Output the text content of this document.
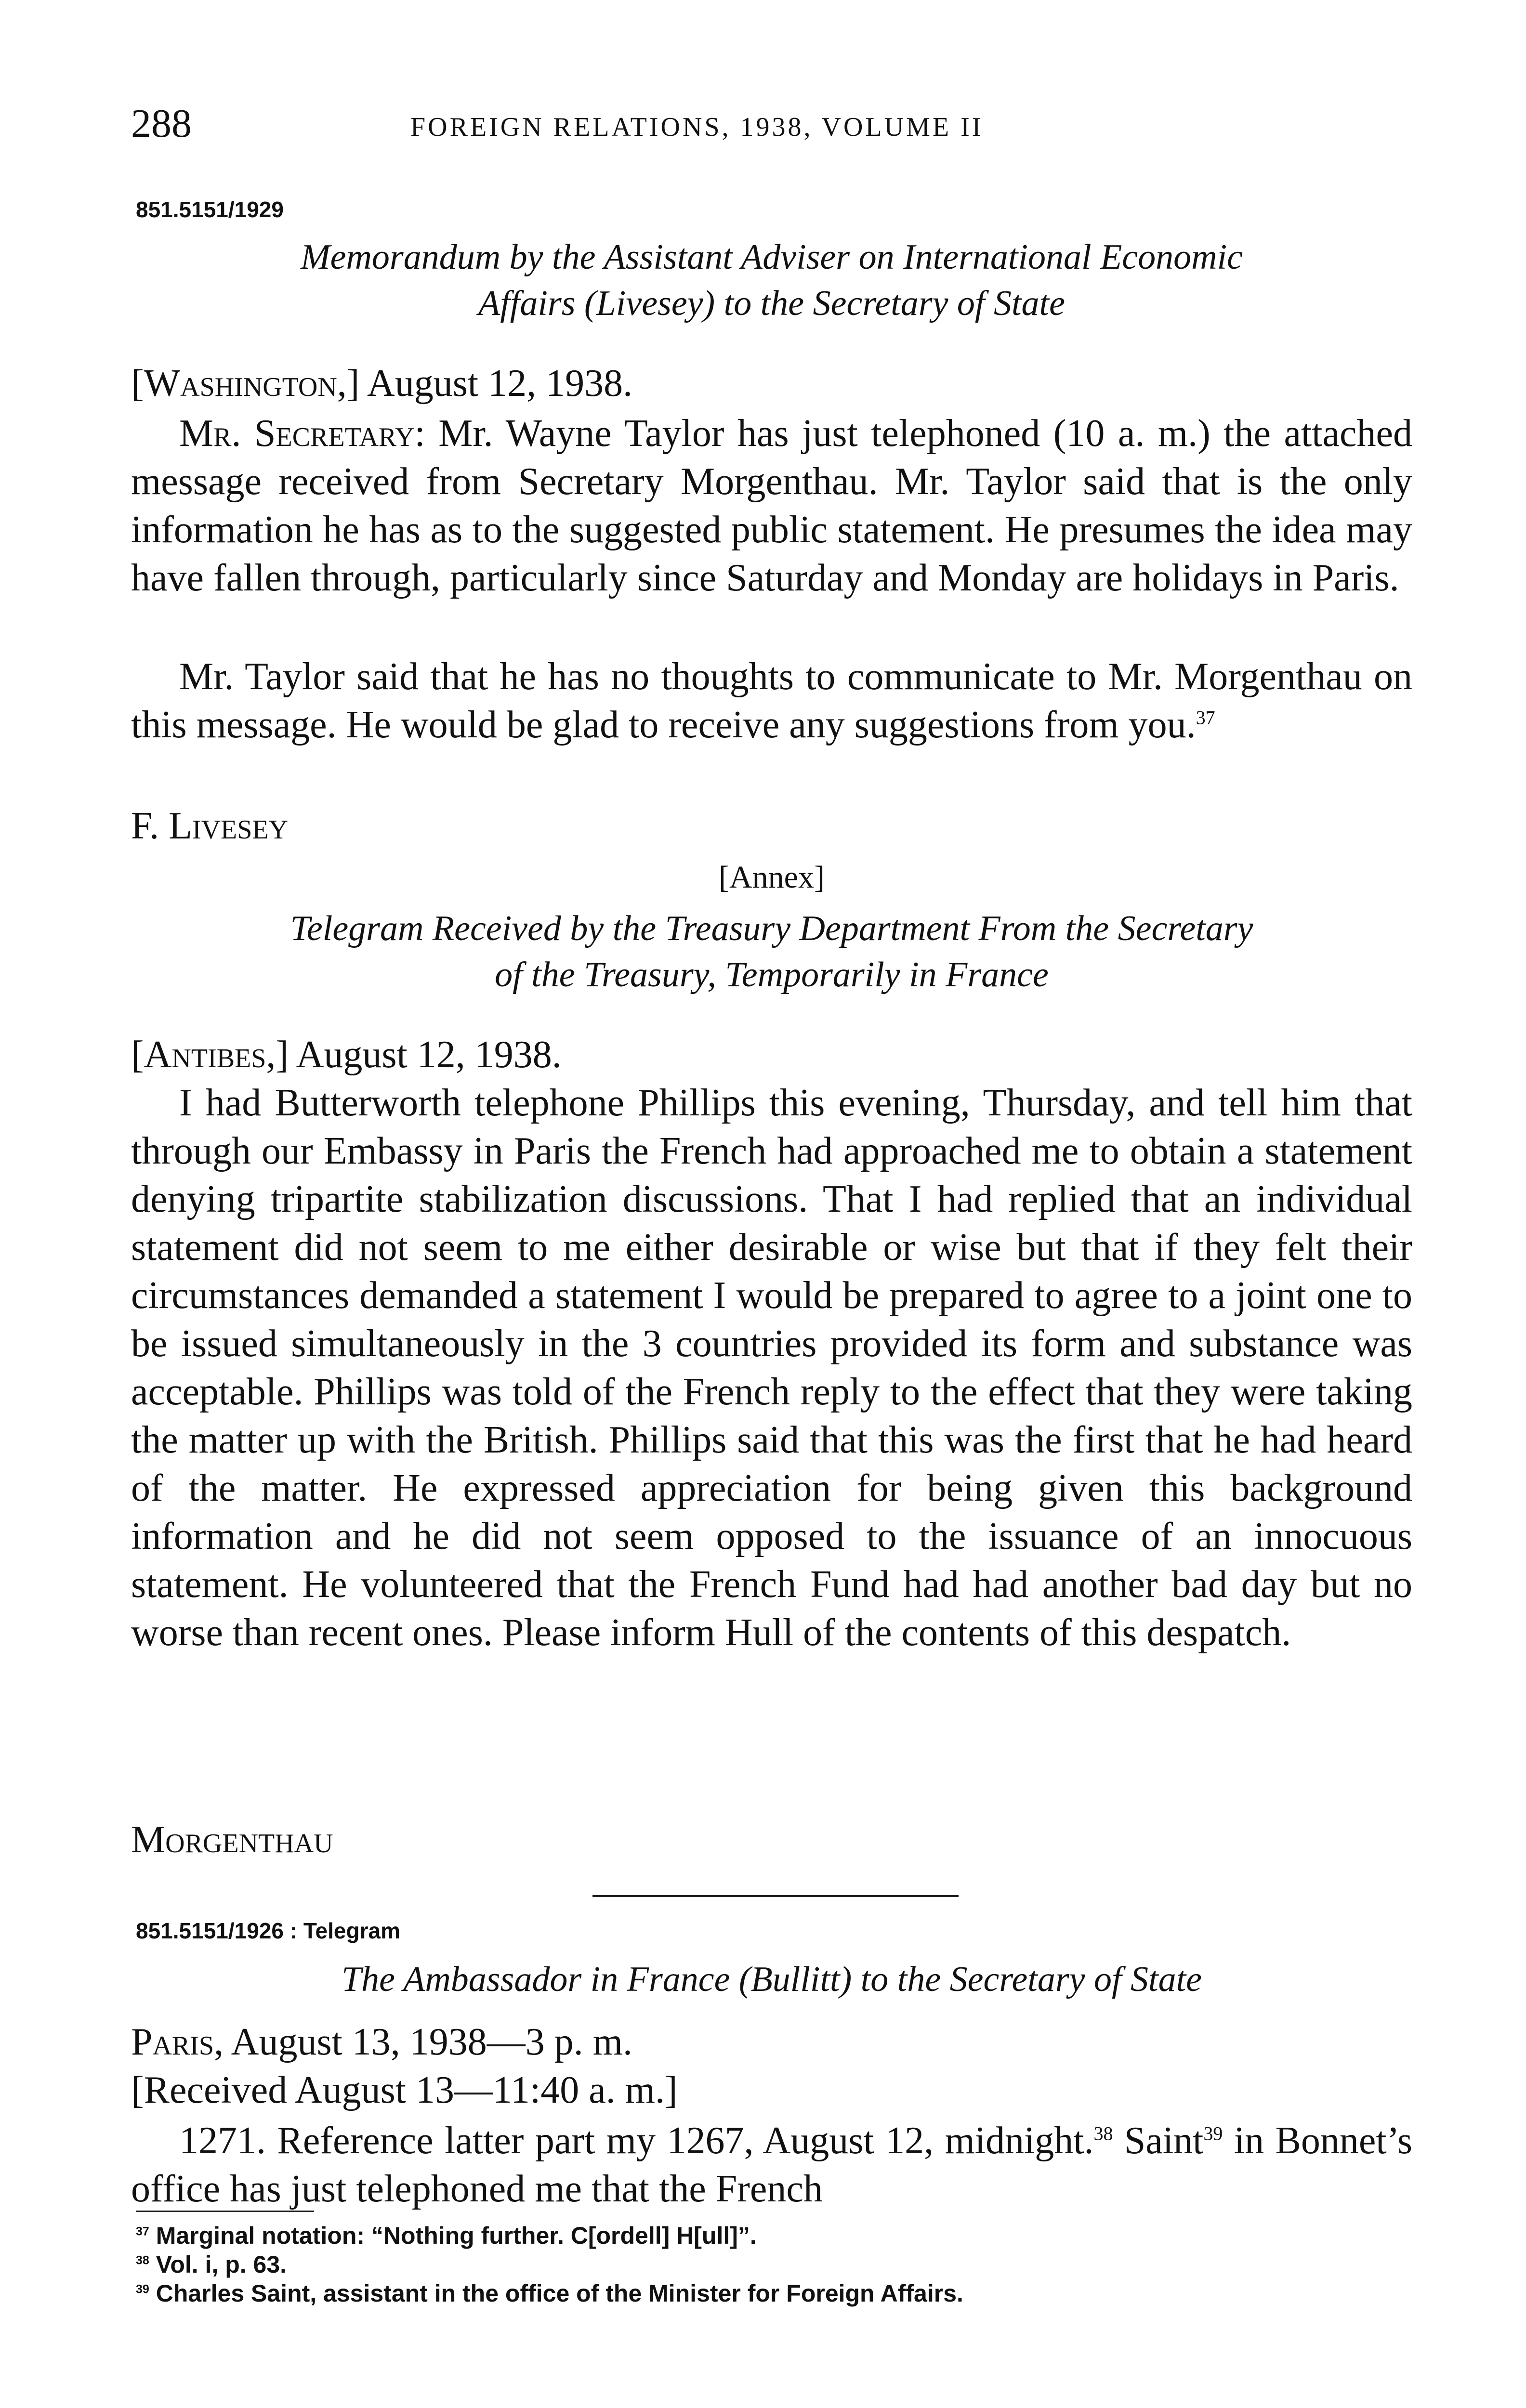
288	FOREIGN RELATIONS, 1938, VOLUME II
851.5151/1929
Memorandum by the Assistant Adviser on International Economic
Affairs (Livesey) to the Secretary of State
[Washington,] August 12, 1938.

Mr. Secretary: Mr. Wayne Taylor has just telephoned (10 a. m.) the attached message received from Secretary Morgenthau. Mr. Taylor said that is the only information he has as to the suggested public statement. He presumes the idea may have fallen through, particularly since Saturday and Monday are holidays in Paris.

Mr. Taylor said that he has no thoughts to communicate to Mr. Morgenthau on this message. He would be glad to receive any suggestions from you.$^{37}$

F. Livesey
[Annex]
Telegram Received by the Treasury Department From the Secretary
of the Treasury, Temporarily in France
[Antibes,] August 12, 1938.

I had Butterworth telephone Phillips this evening, Thursday, and tell him that through our Embassy in Paris the French had approached me to obtain a statement denying tripartite stabilization discussions. That I had replied that an individual statement did not seem to me either desirable or wise but that if they felt their circumstances demanded a statement I would be prepared to agree to a joint one to be issued simultaneously in the 3 countries provided its form and substance was acceptable. Phillips was told of the French reply to the effect that they were taking the matter up with the British. Phillips said that this was the first that he had heard of the matter. He expressed appreciation for being given this background information and he did not seem opposed to the issuance of an innocuous statement. He volunteered that the French Fund had had another bad day but no worse than recent ones. Please inform Hull of the contents of this despatch.

Morgenthau
851.5151/1926 : Telegram
The Ambassador in France (Bullitt) to the Secretary of State
Paris, August 13, 1938—3 p. m.
[Received August 13—11:40 a. m.]

1271. Reference latter part my 1267, August 12, midnight.$^{38}$ Saint$^{39}$ in Bonnet’s office has just telephoned me that the French

$^{37}$ Marginal notation: “Nothing further. C[ordell] H[ull]”.
$^{38}$ Vol. i, p. 63.
$^{39}$ Charles Saint, assistant in the office of the Minister for Foreign Affairs.
